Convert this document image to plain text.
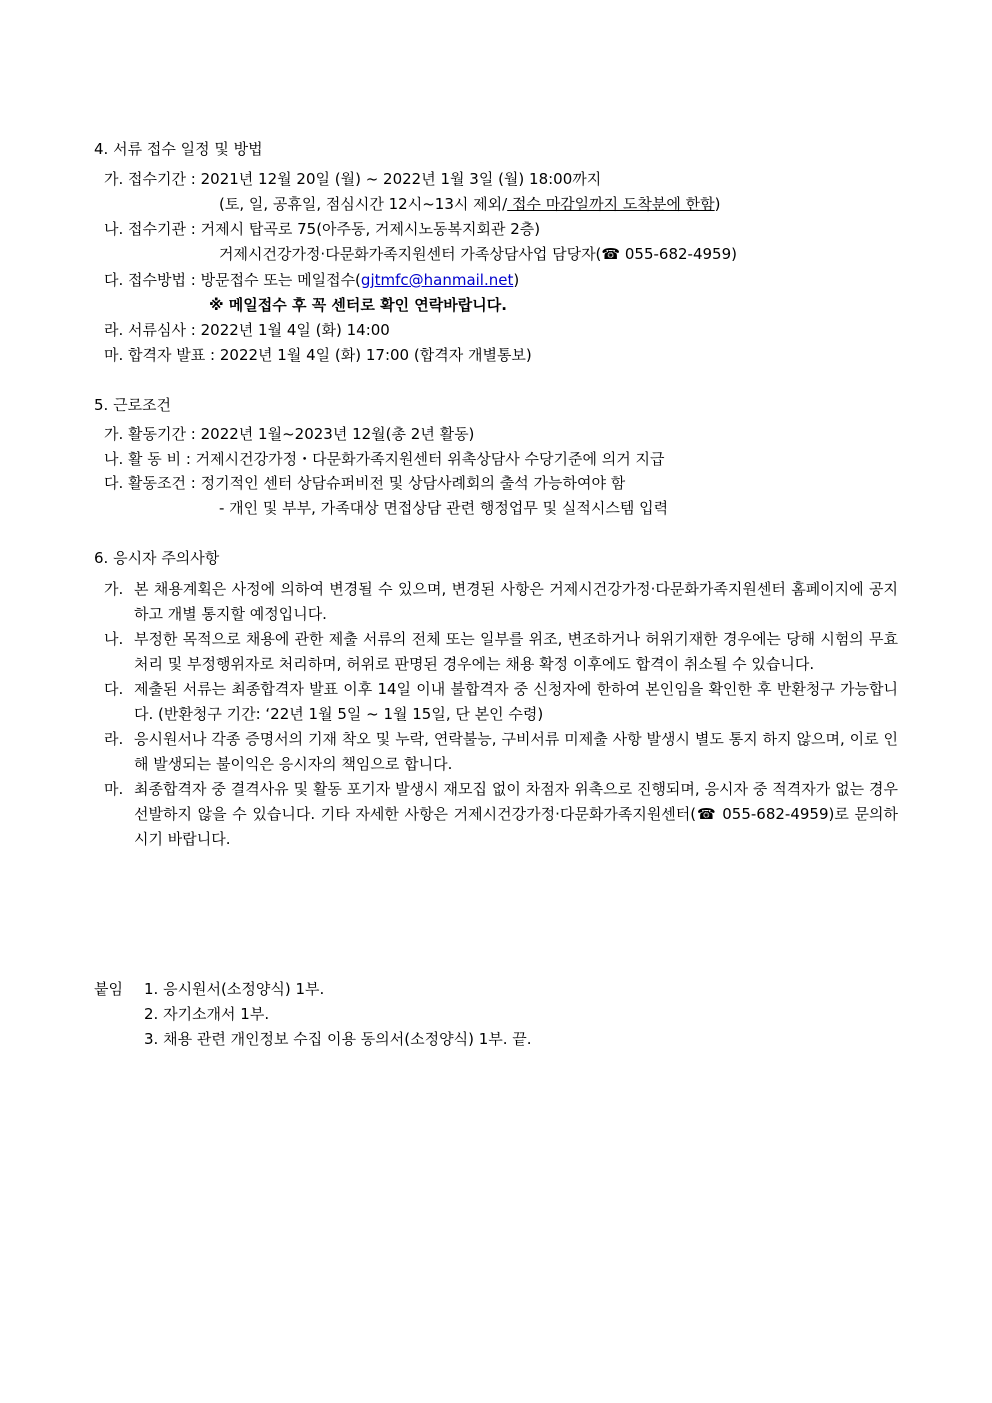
4. 서류 접수 일정 및 방법
가. 접수기간 : 2021년 12월 20일 (월) ~ 2022년 1월 3일 (월) 18:00까지
(토, 일, 공휴일, 점심시간 12시~13시 제외/ 접수 마감일까지 도착분에 한함)
나. 접수기관 : 거제시 탑곡로 75(아주동, 거제시노동복지회관 2층)
거제시건강가정·다문화가족지원센터 가족상담사업 담당자(☎ 055-682-4959)
다. 접수방법 : 방문접수 또는 메일접수(gjtmfc@hanmail.net)
※ 메일접수 후 꼭 센터로 확인 연락바랍니다.
라. 서류심사 : 2022년 1월 4일 (화) 14:00
마. 합격자 발표 : 2022년 1월 4일 (화) 17:00 (합격자 개별통보)
5. 근로조건
가. 활동기간 : 2022년 1월~2023년 12월(총 2년 활동)
나. 활 동 비 : 거제시건강가정・다문화가족지원센터 위촉상담사 수당기준에 의거 지급
다. 활동조건 : 정기적인 센터 상담슈퍼비전 및 상담사례회의 출석 가능하여야 함
- 개인 및 부부, 가족대상 면접상담 관련 행정업무 및 실적시스템 입력
6. 응시자 주의사항
가. 본 채용계획은 사정에 의하여 변경될 수 있으며, 변경된 사항은 거제시건강가정·다문화가족지원센터 홈페이지에 공지하고 개별 통지할 예정입니다.
나. 부정한 목적으로 채용에 관한 제출 서류의 전체 또는 일부를 위조, 변조하거나 허위기재한 경우에는 당해 시험의 무효처리 및 부정행위자로 처리하며, 허위로 판명된 경우에는 채용 확정 이후에도 합격이 취소될 수 있습니다.
다. 제출된 서류는 최종합격자 발표 이후 14일 이내 불합격자 중 신청자에 한하여 본인임을 확인한 후 반환청구 가능합니다. (반환청구 기간: ‘22년 1월 5일 ~ 1월 15일, 단 본인 수령)
라. 응시원서나 각종 증명서의 기재 착오 및 누락, 연락불능, 구비서류 미제출 사항 발생시 별도 통지 하지 않으며, 이로 인해 발생되는 불이익은 응시자의 책임으로 합니다.
마. 최종합격자 중 결격사유 및 활동 포기자 발생시 재모집 없이 차점자 위촉으로 진행되며, 응시자 중 적격자가 없는 경우 선발하지 않을 수 있습니다. 기타 자세한 사항은 거제시건강가정·다문화가족지원센터(☎ 055-682-4959)로 문의하시기 바랍니다.
붙임 1. 응시원서(소정양식) 1부.
2. 자기소개서 1부.
3. 채용 관련 개인정보 수집 이용 동의서(소정양식) 1부. 끝.
